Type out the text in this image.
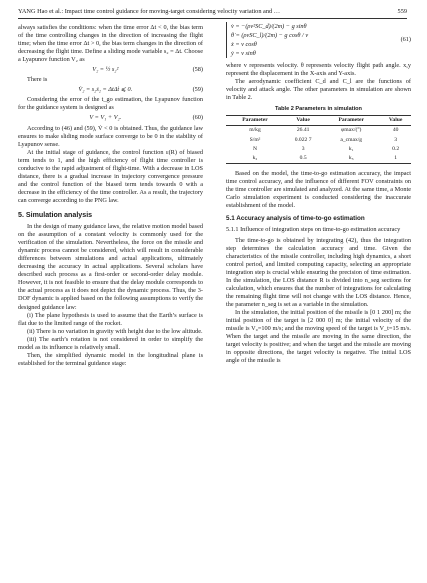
YANG Hao et al.: Impact time control guidance for moving-target considering velocity variation and …	559

always satisfies the conditions: when the time error Δt < 0, the bias term of the time controlling changes in the direction of increasing the flight time; when the time error Δt > 0, the bias term changes in the direction of decreasing the flight time. Define a sliding mode variable s₂ = Δt. Choose a Lyapunov function V₂ as

V₂ = ½ s₂²	(58)

There is

V̇₂ = s₂ṡ₂ = ΔtΔṫ ⩽ 0.	(59)

Considering the error of the t_go estimation, the Lyapunov function for the guidance system is designed as

V = V₁ + V₂.	(60)

According to (46) and (59), V̇ < 0 is obtained. Thus, the guidance law ensures to make sliding mode surface converge to be 0 in the stability of Lyapunov sense.

At the initial stage of guidance, the control function ε(R) of biased term tends to 1, and the high efficiency of flight time controller is conducive to the rapid adjustment of flight-time. With a decrease in LOS distance, there is a gradual increase in trajectory convergence pressure and the control function of the biased term tends towards 0 with a decrease in the efficiency of the time controller. As a result, the trajectory can converge according to the PNG law.

5. Simulation analysis

In the design of many guidance laws, the relative motion model based on the assumption of a constant velocity is commonly used for the verification of the simulation. Nevertheless, the force on the missile and dynamic process cannot be considered, which will result in considerable differences between simulations and actual applications, ultimately decreasing the accuracy in actual applications. Several scholars have described such process as a first-order or second-order delay module. However, it is not feasible to ensure that the delay module corresponds to the actual process as it does not depict the dynamic process. Thus, the 3-DOF dynamic is applied based on the following assumptions to verify the designed guidance law:

(i) The plane hypothesis is used to assume that the Earth’s surface is flat due to the limited range of the rocket.

(ii) There is no variation in gravity with height due to the low altitude.

(iii) The earth’s rotation is not considered in order to simplify the model as its influence is relatively small.

Then, the simplified dynamic model in the longitudinal plane is established for the terminal guidance stage:

v̇ = −(ρv²SC_d)/(2m) − g sinθ
θ̇ = (ρvSC_l)/(2m) − g cosθ / v
ẋ = v cosθ
ẏ = v sinθ
(61)

where v represents velocity. θ represents velocity flight path angle. x,y represent the displacement in the X-axis and Y-axis.

The aerodynamic coefficient C_d and C_l are the functions of velocity and attack angle. The other parameters in simulation are shown in Table 2.

Table 2 Parameters in simulation
Parameter	Value	Parameter	Value
m/kg	26.41	φmax/(°)	40
S/m²	0.022 7	a_cmax/g	3
N	3	k₁	0.2
k₂	0.5	k₃	1

Based on the model, the time-to-go estimation accuracy, the impact time control accuracy, and the influence of different FOV constraints on the time controller are simulated and analyzed. At the same time, a Monte Carlo simulation experiment is conducted considering the inaccurate establishment of the model.

5.1 Accuracy analysis of time-to-go estimation
5.1.1 Influence of integration steps on time-to-go estimation accuracy

The time-to-go is obtained by integrating (42), thus the integration step determines the calculation accuracy and time. Given the characteristics of the missile controller, including high dynamics, a short control period, and limited computing capacity, selecting an appropriate integration step is crucial while ensuring the precision of time estimation. In the simulation, the LOS distance R is divided into n_seg sections for calculation, which ensures that the number of integrations for calculating the remaining flight time will not change with the LOS distance. Hence, the parameter n_seg is set as a variable in the simulation.

In the simulation, the initial position of the missile is [0 1 200] m; the initial position of the target is [2 000 0] m; the initial velocity of the missile is V₀=100 m/s; and the moving speed of the target is V_t=15 m/s. When the target and the missile are moving in the same direction, the target velocity is positive; and when the target and the missile are moving in opposite directions, the target velocity is negative. The initial LOS angle of the missile is
